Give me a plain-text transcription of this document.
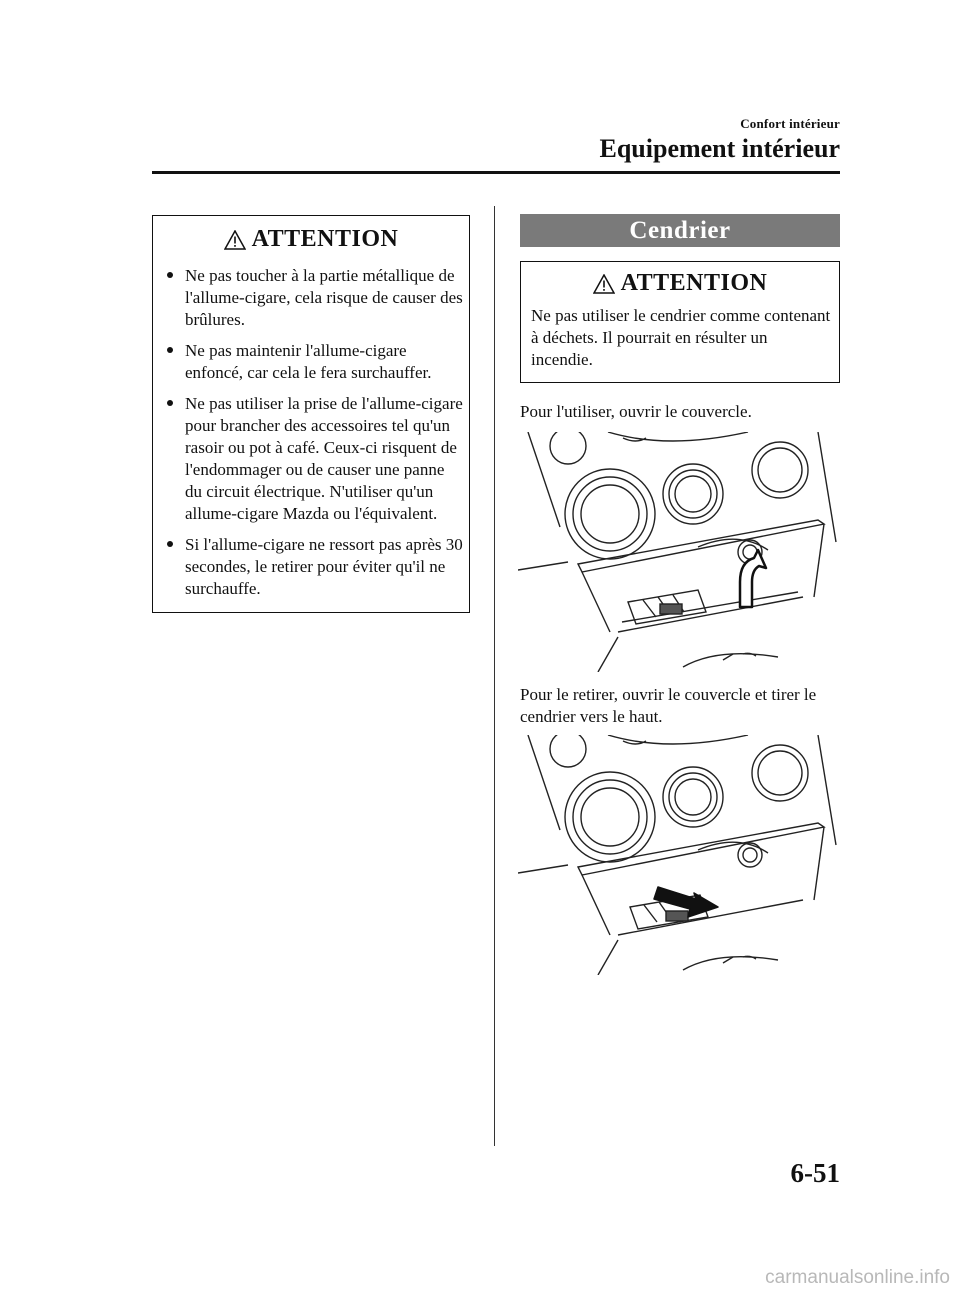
Confort intérieur
Equipement intérieur
ATTENTION
Ne pas toucher à la partie métallique de l'allume-cigare, cela risque de causer des brûlures.
Ne pas maintenir l'allume-cigare enfoncé, car cela le fera surchauffer.
Ne pas utiliser la prise de l'allume-cigare pour brancher des accessoires tel qu'un rasoir ou pot à café. Ceux-ci risquent de l'endommager ou de causer une panne du circuit électrique. N'utiliser qu'un allume-cigare Mazda ou l'équivalent.
Si l'allume-cigare ne ressort pas après 30 secondes, le retirer pour éviter qu'il ne surchauffe.
Cendrier
ATTENTION
Ne pas utiliser le cendrier comme contenant à déchets. Il pourrait en résulter un incendie.
Pour l'utiliser, ouvrir le couvercle.
Pour le retirer, ouvrir le couvercle et tirer le cendrier vers le haut.
6-51
carmanualsonline.info
